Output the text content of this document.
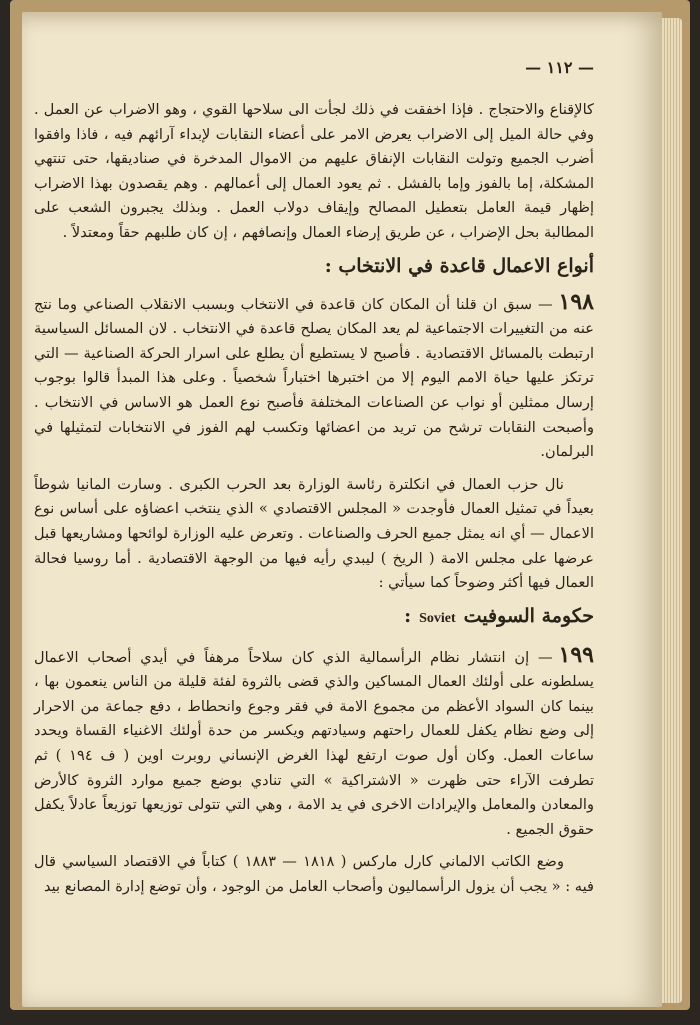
— ١١٢ —

كالإقناع والاحتجاج . فإذا اخفقت في ذلك لجأت الى سلاحها القوي ، وهو الاضراب عن العمل . وفي حالة الميل إلى الاضراب يعرض الامر على أعضاء النقابات لإبداء آرائهم فيه ، فاذا وافقوا أضرب الجميع وتولت النقابات الإنفاق عليهم من الاموال المدخرة في صناديقها، حتى تنتهي المشكلة، إما بالفوز وإما بالفشل . ثم يعود العمال إلى أعمالهم . وهم يقصدون بهذا الاضراب إظهار قيمة العامل بتعطيل المصالح وإيقاف دولاب العمل . وبذلك يجبرون الشعب على المطالبة بحل الإضراب ، عن طريق إرضاء العمال وإنصافهم ، إن كان طلبهم حقاً ومعتدلاً .

أنواع الاعمال قاعدة في الانتخاب :

١٩٨— سبق ان قلنا أن المكان كان قاعدة في الانتخاب وبسبب الانقلاب الصناعي وما نتج عنه من التغييرات الاجتماعية لم يعد المكان يصلح قاعدة في الانتخاب . لان المسائل السياسية ارتبطت بالمسائل الاقتصادية . فأصبح لا يستطيع أن يطلع على اسرار الحركة الصناعية — التي ترتكز عليها حياة الامم اليوم إلا من اختبرها اختباراً شخصياً . وعلى هذا المبدأ قالوا بوجوب إرسال ممثلين أو نواب عن الصناعات المختلفة فأصبح نوع العمل هو الاساس في الانتخاب . وأصبحت النقابات ترشح من تريد من اعضائها وتكسب لهم الفوز في الانتخابات لتمثيلها في البرلمان.

نال حزب العمال في انكلترة رئاسة الوزارة بعد الحرب الكبرى . وسارت المانيا شوطاً بعيداً في تمثيل العمال فأوجدت « المجلس الاقتصادي » الذي ينتخب اعضاؤه على أساس نوع الاعمال — أي انه يمثل جميع الحرف والصناعات . وتعرض عليه الوزارة لوائحها ومشاريعها قبل عرضها على مجلس الامة ( الريخ ) ليبدي رأيه فيها من الوجهة الاقتصادية . أما روسيا فحالة العمال فيها أكثر وضوحاً كما سيأتي :

حكومة السوفيتSoviet:

١٩٩— إن انتشار نظام الرأسمالية الذي كان سلاحاً مرهفاً في أيدي أصحاب الاعمال يسلطونه على أولئك العمال المساكين والذي قضى بالثروة لفئة قليلة من الناس ينعمون بها ، بينما كان السواد الأعظم من مجموع الامة في فقر وجوع وانحطاط ، دفع جماعة من الاحرار إلى وضع نظام يكفل للعمال راحتهم وسيادتهم ويكسر من حدة أولئك الاغنياء القساة ويحدد ساعات العمل. وكان أول صوت ارتفع لهذا الغرض الإنساني روبرت اوين ( ف ١٩٤ ) ثم تطرفت الآراء حتى ظهرت « الاشتراكية » التي تنادي بوضع جميع موارد الثروة كالأرض والمعادن والمعامل والإيرادات الاخرى في يد الامة ، وهي التي تتولى توزيعها توزيعاً عادلاً يكفل حقوق الجميع .

وضع الكاتب الالماني كارل ماركس ( ١٨١٨ — ١٨٨٣ ) كتاباً في الاقتصاد السياسي قال فيه : « يجب أن يزول الرأسماليون وأصحاب العامل من الوجود ، وأن توضع إدارة المصانع بيد
